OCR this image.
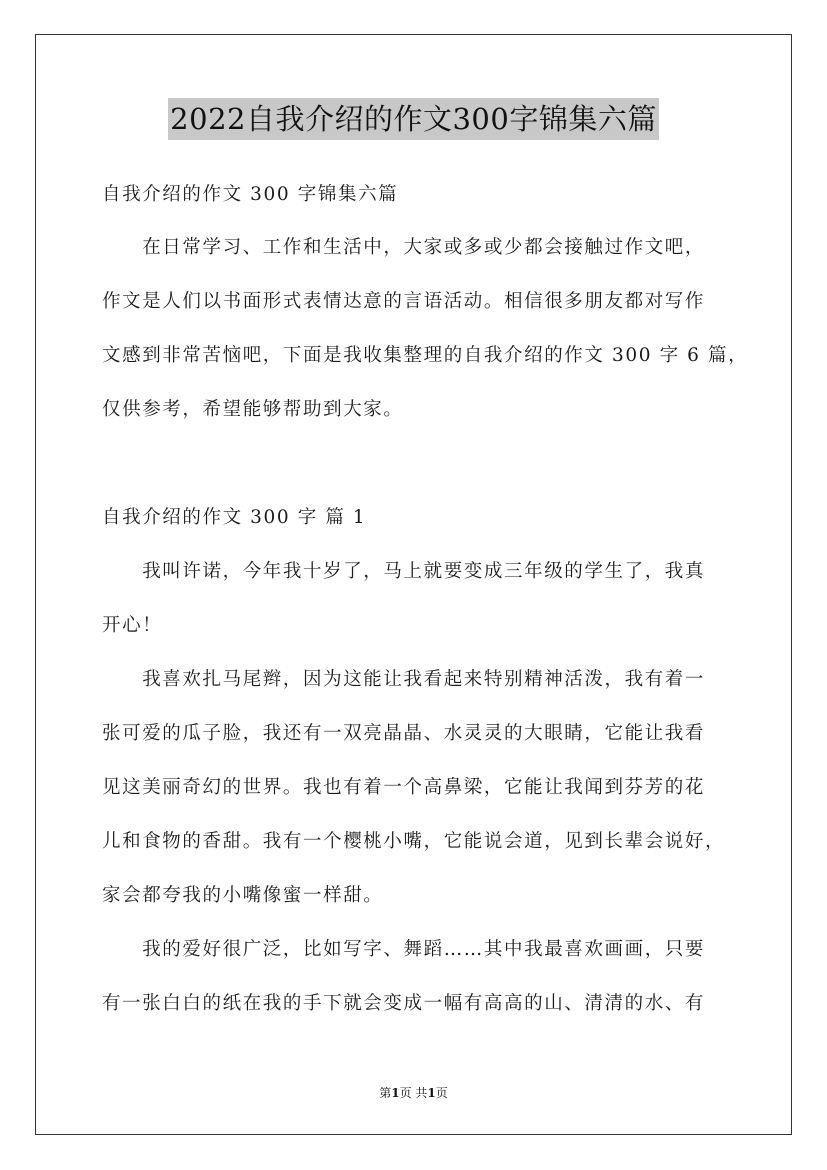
2022自我介绍的作文300字锦集六篇
自我介绍的作文 300 字锦集六篇
　　在日常学习、工作和生活中，大家或多或少都会接触过作文吧，
作文是人们以书面形式表情达意的言语活动。相信很多朋友都对写作
文感到非常苦恼吧，下面是我收集整理的自我介绍的作文 300 字 6 篇，
仅供参考，希望能够帮助到大家。
自我介绍的作文 300 字 篇 1
　　我叫许诺，今年我十岁了，马上就要变成三年级的学生了，我真
开心！
　　我喜欢扎马尾辫，因为这能让我看起来特别精神活泼，我有着一
张可爱的瓜子脸，我还有一双亮晶晶、水灵灵的大眼睛，它能让我看
见这美丽奇幻的世界。我也有着一个高鼻梁，它能让我闻到芬芳的花
儿和食物的香甜。我有一个樱桃小嘴，它能说会道，见到长辈会说好，
家会都夸我的小嘴像蜜一样甜。
　　我的爱好很广泛，比如写字、舞蹈……其中我最喜欢画画，只要
有一张白白的纸在我的手下就会变成一幅有高高的山、清清的水、有
第1页 共1页
